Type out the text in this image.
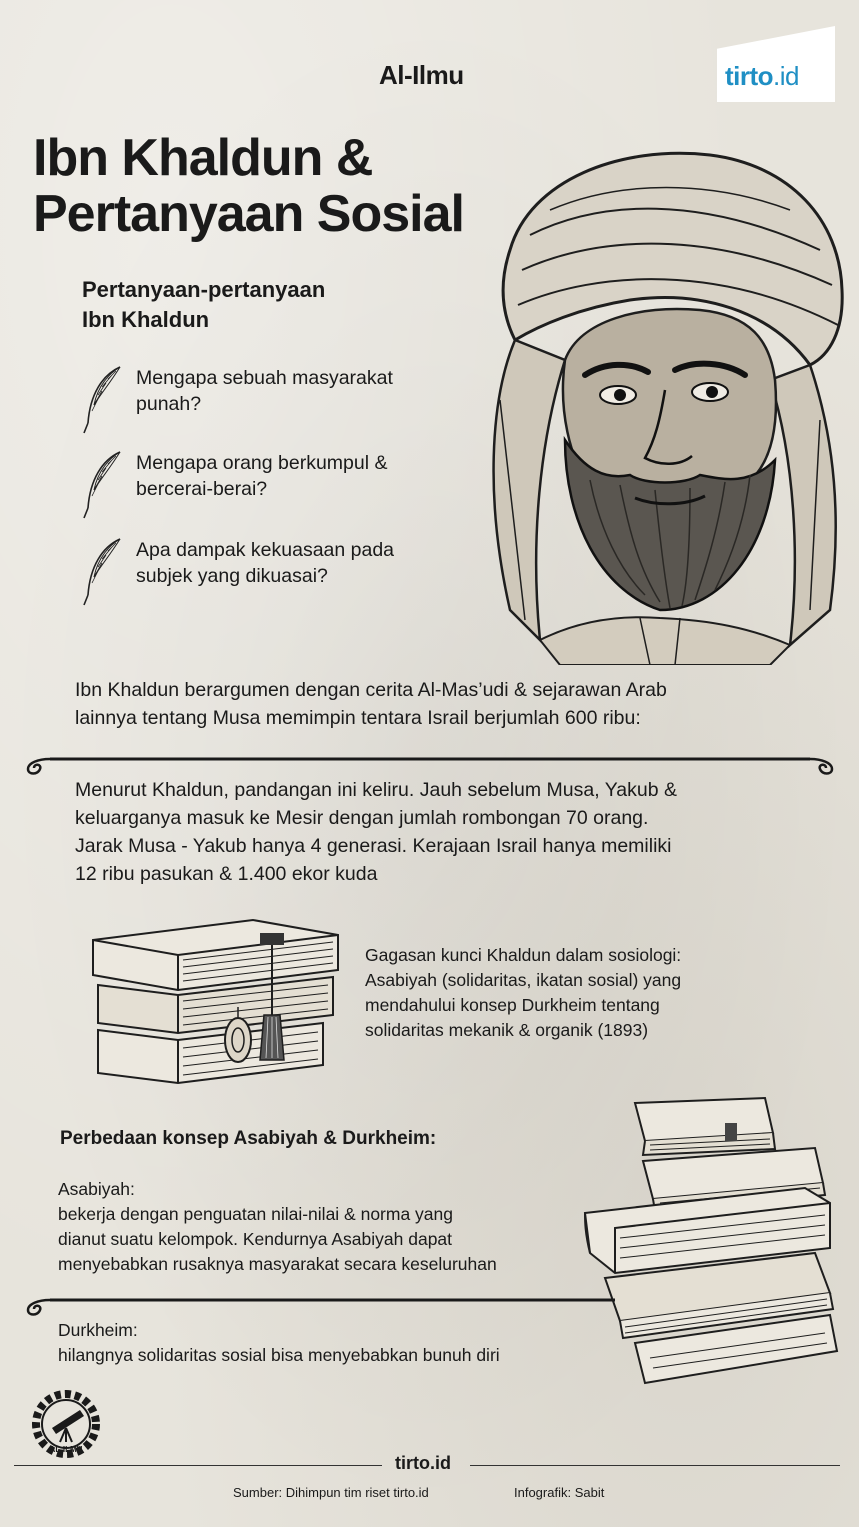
Al-Ilmu	tirto.id
Ibn Khaldun &
Pertanyaan Sosial
Pertanyaan-pertanyaan
Ibn Khaldun
Mengapa sebuah masyarakat
punah?
Mengapa orang berkumpul &
bercerai-berai?
Apa dampak kekuasaan pada
subjek yang dikuasai?
Ibn Khaldun berargumen dengan cerita Al-Mas’udi & sejarawan Arab
lainnya tentang Musa memimpin tentara Israil berjumlah 600 ribu:
Menurut Khaldun, pandangan ini keliru. Jauh sebelum Musa, Yakub &
keluarganya masuk ke Mesir dengan jumlah rombongan 70 orang.
Jarak Musa - Yakub hanya 4 generasi. Kerajaan Israil hanya memiliki
12 ribu pasukan & 1.400 ekor kuda
Gagasan kunci Khaldun dalam sosiologi:
Asabiyah (solidaritas, ikatan sosial) yang
mendahului konsep Durkheim tentang
solidaritas mekanik & organik (1893)
Perbedaan konsep Asabiyah & Durkheim:
Asabiyah:
bekerja dengan penguatan nilai-nilai & norma yang
dianut suatu kelompok. Kendurnya Asabiyah dapat
menyebabkan rusaknya masyarakat secara keseluruhan
Durkheim:
hilangnya solidaritas sosial bisa menyebabkan bunuh diri
AL-ILMU
tirto.id
Sumber: Dihimpun tim riset tirto.id	Infografik: Sabit
